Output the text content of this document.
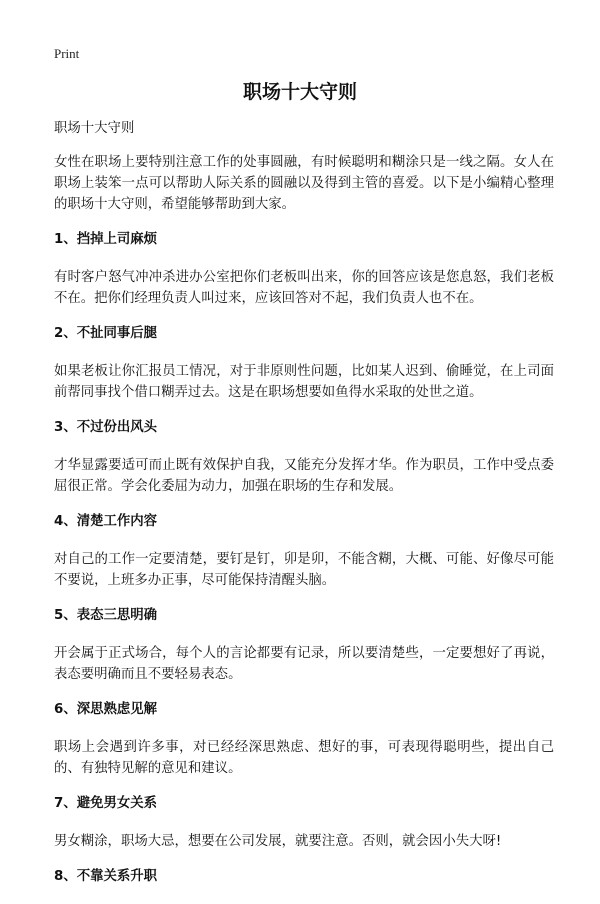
Print
职场十大守则

职场十大守则

女性在职场上要特别注意工作的处事圆融，有时候聪明和糊涂只是一线之隔。女人在职场上装笨一点可以帮助人际关系的圆融以及得到主管的喜爱。以下是小编精心整理的职场十大守则，希望能够帮助到大家。

1、挡掉上司麻烦

有时客户怒气冲冲杀进办公室把你们老板叫出来，你的回答应该是您息怒，我们老板不在。把你们经理负责人叫过来，应该回答对不起，我们负责人也不在。

2、不扯同事后腿

如果老板让你汇报员工情况，对于非原则性问题，比如某人迟到、偷睡觉，在上司面前帮同事找个借口糊弄过去。这是在职场想要如鱼得水采取的处世之道。

3、不过份出风头

才华显露要适可而止既有效保护自我，又能充分发挥才华。作为职员，工作中受点委屈很正常。学会化委屈为动力，加强在职场的生存和发展。

4、清楚工作内容

对自己的工作一定要清楚，要钉是钉，卯是卯，不能含糊，大概、可能、好像尽可能不要说，上班多办正事，尽可能保持清醒头脑。

5、表态三思明确

开会属于正式场合，每个人的言论都要有记录，所以要清楚些，一定要想好了再说，表态要明确而且不要轻易表态。

6、深思熟虑见解

职场上会遇到许多事，对已经经深思熟虑、想好的事，可表现得聪明些，提出自己的、有独特见解的意见和建议。

7、避免男女关系

男女糊涂，职场大忌，想要在公司发展，就要注意。否则，就会因小失大呀!

8、不靠关系升职
